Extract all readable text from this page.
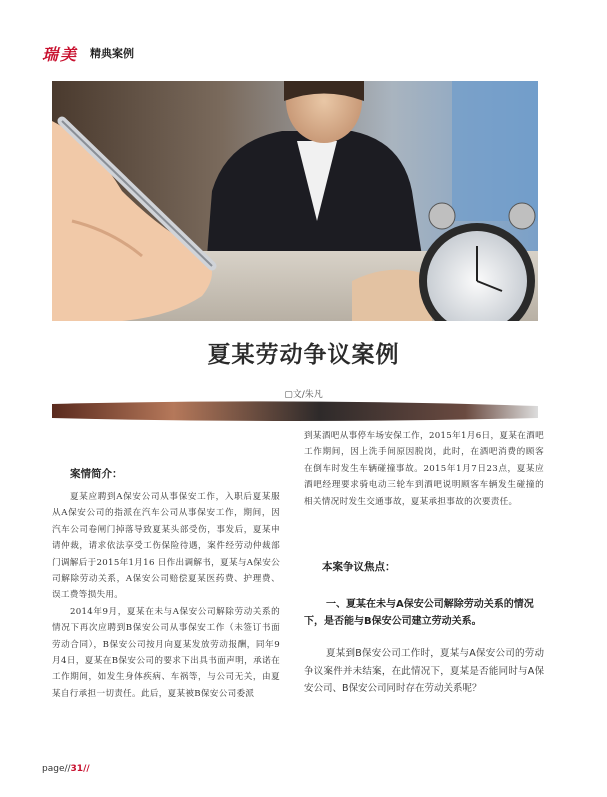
瑞美 精典案例
夏某劳动争议案例
▢文/朱凡
案情简介：

夏某应聘到A保安公司从事保安工作，入职后夏某服从A保安公司的指派在汽车公司从事保安工作，期间，因汽车公司卷闸门掉落导致夏某头部受伤，事发后，夏某申请仲裁，请求依法享受工伤保险待遇，案件经劳动仲裁部门调解后于2015年1月16 日作出调解书，夏某与A保安公司解除劳动关系，A保安公司赔偿夏某医药费、护理费、误工费等损失用。

2014年9月，夏某在未与A保安公司解除劳动关系的情况下再次应聘到B保安公司从事保安工作（未签订书面劳动合同），B保安公司按月向夏某发放劳动报酬，同年9月4日，夏某在B保安公司的要求下出具书面声明，承诺在工作期间，如发生身体疾病、车祸等，与公司无关，由夏某自行承担一切责任。此后，夏某被B保安公司委派

到某酒吧从事停车场安保工作，2015年1月6日，夏某在酒吧工作期间，因上洗手间原因脱岗，此时，在酒吧消费的顾客在倒车时发生车辆碰撞事故。2015年1月7日23点，夏某应酒吧经理要求骑电动三轮车到酒吧说明顾客车辆发生碰撞的相关情况时发生交通事故，夏某承担事故的次要责任。

本案争议焦点：

一、夏某在未与A保安公司解除劳动关系的情况下，是否能与B保安公司建立劳动关系。

夏某到B保安公司工作时，夏某与A保安公司的劳动争议案件并未结案，在此情况下，夏某是否能同时与A保安公司、B保安公司同时存在劳动关系呢？

page//31//
